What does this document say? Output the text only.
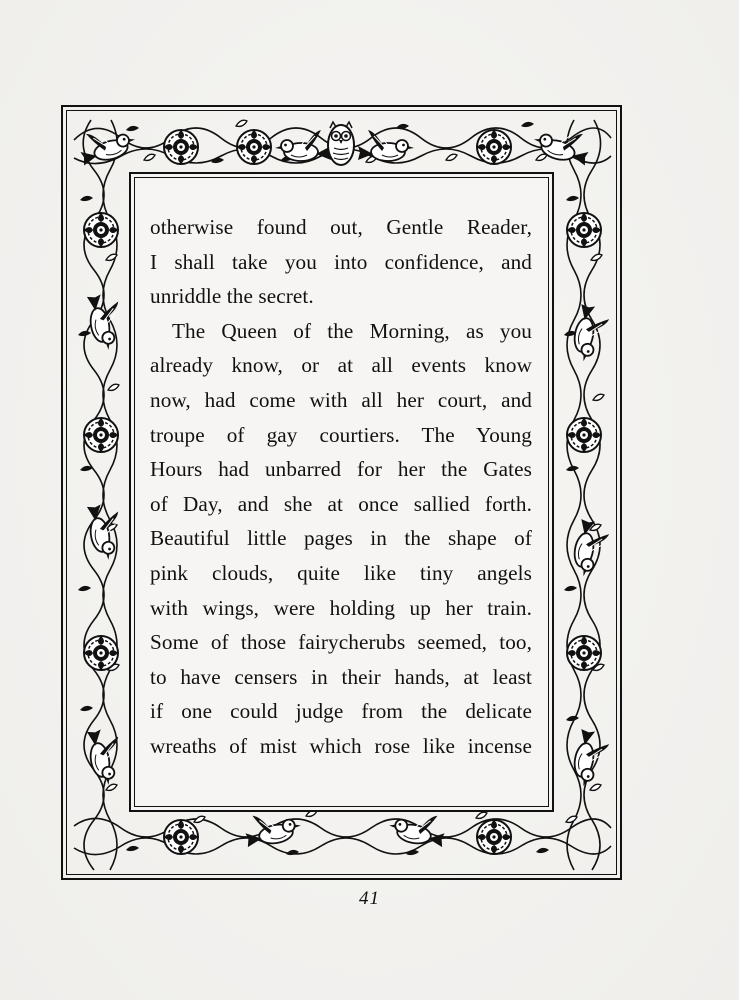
otherwise found out, Gentle Reader,
I shall take you into confidence, and
unriddle the secret.
The Queen of the Morning, as you
already know, or at all events know
now, had come with all her court, and
troupe of gay courtiers. The Young
Hours had unbarred for her the Gates
of Day, and she at once sallied forth.
Beautiful little pages in the shape of
pink clouds, quite like tiny angels
with wings, were holding up her train.
Some of those fairycherubs seemed, too,
to have censers in their hands, at least
if one could judge from the delicate
wreaths of mist which rose like incense
41
